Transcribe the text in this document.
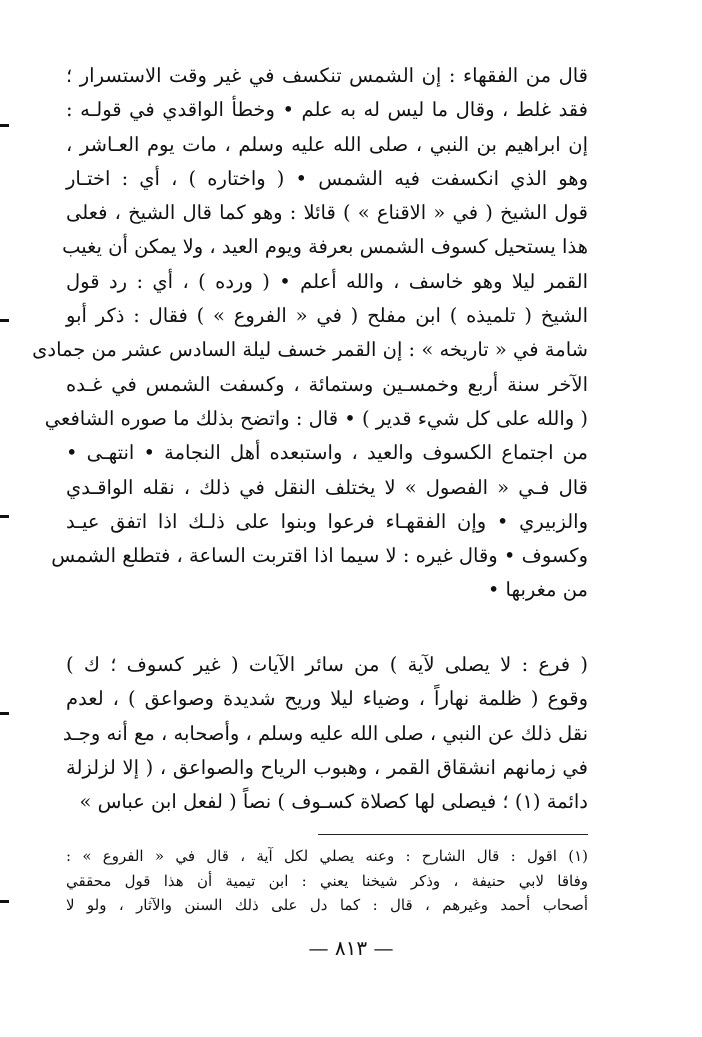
قال من الفقهاء : إن الشمس تنكسف في غير وقت الاستسرار ؛
فقد غلط ، وقال ما ليس له به علم • وخطأ الواقدي في قولـه :
إن ابراهيم بن النبي ، صلى الله عليه وسلم ، مات يوم العـاشر ،
وهو الذي انكسفت فيه الشمس • ( واختاره ) ، أي : اختـار
قول الشيخ ( في « الاقناع » ) قائلا : وهو كما قال الشيخ ، فعلى
هذا يستحيل كسوف الشمس بعرفة ويوم العيد ، ولا يمكن أن يغيب
القمر ليلا وهو خاسف ، والله أعلم • ( ورده ) ، أي : رد قول
الشيخ ( تلميذه ) ابن مفلح ( في « الفروع » ) فقال : ذكر أبو
شامة في « تاريخه » : إن القمر خسف ليلة السادس عشر من جمادى
الآخر سنة أربع وخمسـين وستمائة ، وكسفت الشمس في غـده
( والله على كل شيء قدير ) • قال : واتضح بذلك ما صوره الشافعي
من اجتماع الكسوف والعيد ، واستبعده أهل النجامة • انتهـى •
قال فـي « الفصول » لا يختلف النقل في ذلك ، نقله الواقـدي
والزبيري • وإن الفقهـاء فرعوا وبنوا على ذلـك اذا اتفق عيـد
وكسوف • وقال غيره : لا سيما اذا اقتربت الساعة ، فتطلع الشمس
من مغربها •
( فرع : لا يصلى لآية ) من سائر الآيات ( غير كسوف ؛ ك )
وقوع ( ظلمة نهاراً ، وضياء ليلا وريح شديدة وصواعق ) ، لعدم
نقل ذلك عن النبي ، صلى الله عليه وسلم ، وأصحابه ، مع أنه وجـد
في زمانهم انشقاق القمر ، وهبوب الرياح والصواعق ، ( إلا لزلزلة
دائمة (١) ؛ فيصلى لها كصلاة كسـوف ) نصاً ( لفعل ابن عباس »
(١) اقول : قال الشارح : وعنه يصلي لكل آية ، قال في « الفروع » :
وفاقا لابي حنيفة ، وذكر شيخنا يعني : ابن تيمية أن هذا قول محققي
أصحاب أحمد وغيرهم ، قال : كما دل على ذلك السنن والآثار ، ولو لا
— ٨١٣ —
